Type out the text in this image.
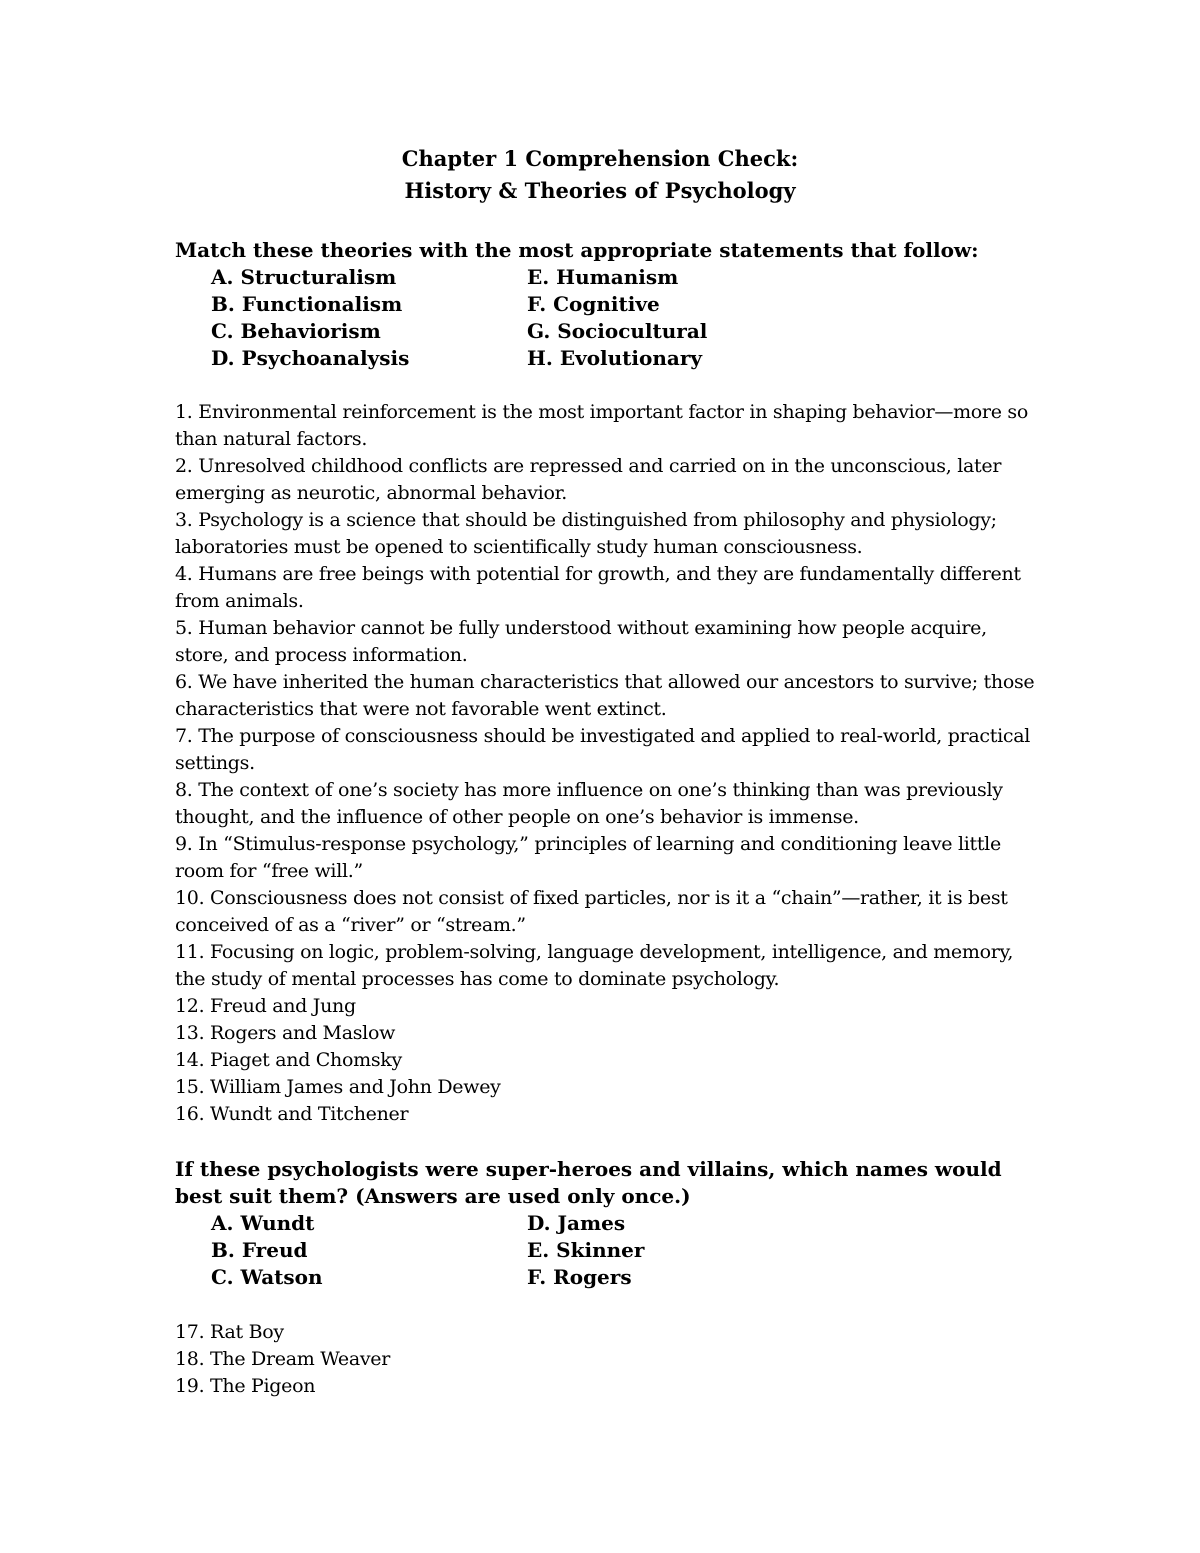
Chapter 1 Comprehension Check:
History & Theories of Psychology

Match these theories with the most appropriate statements that follow:

A. Structuralism	E. Humanism
B. Functionalism	F. Cognitive
C. Behaviorism	G. Sociocultural
D. Psychoanalysis	H. Evolutionary
1. Environmental reinforcement is the most important factor in shaping behavior—more so than natural factors.
2. Unresolved childhood conflicts are repressed and carried on in the unconscious, later emerging as neurotic, abnormal behavior.
3. Psychology is a science that should be distinguished from philosophy and physiology; laboratories must be opened to scientifically study human consciousness.
4. Humans are free beings with potential for growth, and they are fundamentally different from animals.
5. Human behavior cannot be fully understood without examining how people acquire, store, and process information.
6. We have inherited the human characteristics that allowed our ancestors to survive; those characteristics that were not favorable went extinct.
7. The purpose of consciousness should be investigated and applied to real-world, practical settings.
8. The context of one’s society has more influence on one’s thinking than was previously thought, and the influence of other people on one’s behavior is immense.
9. In “Stimulus-response psychology,” principles of learning and conditioning leave little room for “free will.”
10. Consciousness does not consist of fixed particles, nor is it a “chain”—rather, it is best conceived of as a “river” or “stream.”
11. Focusing on logic, problem-solving, language development, intelligence, and memory, the study of mental processes has come to dominate psychology.
12. Freud and Jung
13. Rogers and Maslow
14. Piaget and Chomsky
15. William James and John Dewey
16. Wundt and Titchener

If these psychologists were super-heroes and villains, which names would best suit them? (Answers are used only once.)

A. Wundt	D. James
B. Freud	E. Skinner
C. Watson	F. Rogers
17. Rat Boy
18. The Dream Weaver
19. The Pigeon
